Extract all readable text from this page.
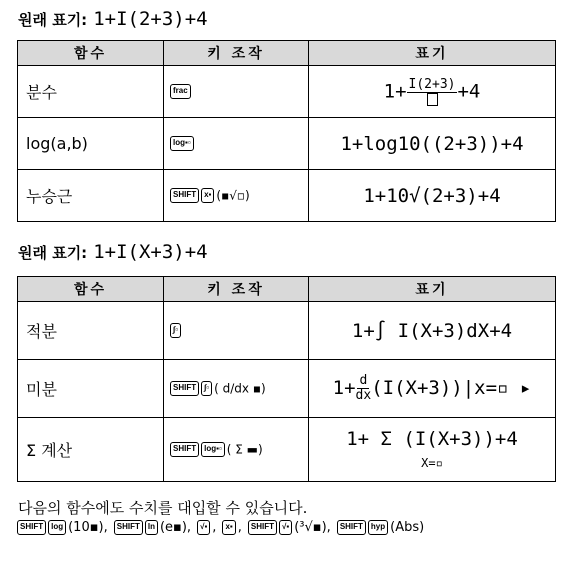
원래 표기: 1+I(2+3)+4
함수	키 조작	표기
분수	frac	1+ I(2+3) +4
log(a,b)	log▪▫	1+log10((2+3))+4
누승근	SHIFT x▪ (▪√▫)	1+10√(2+3)+4
원래 표기: 1+I(X+3)+4
함수	키 조작	표기
적분	∫▫	1+∫ I(X+3)dX+4
미분	SHIFT ∫▫ ( d/dx ▪)	$1+ \frac{d}{dx}$ (I(X+3))|x=▫ ▸
Σ 계산	SHIFT log▪▫ ( Σ ▬)	1+ Σ (I(X+3))+4
X=▫
다음의 함수에도 수치를 대입할 수 있습니다.
SHIFT	log (10▪) ,	SHIFT	ln (e▪) ,	√▪ ,	x▪ ,	SHIFT	√▪ (³√▪) ,	SHIFT	hyp (Abs)
